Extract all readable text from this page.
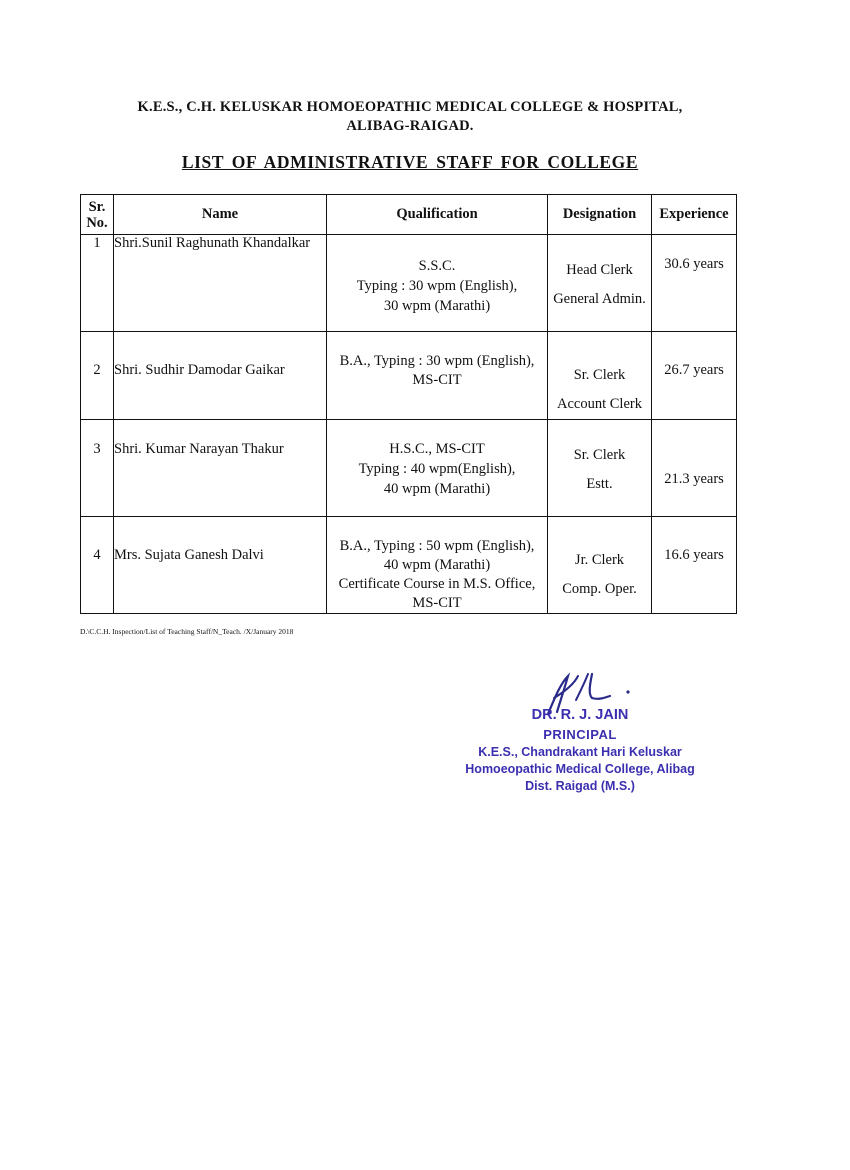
K.E.S., C.H. KELUSKAR HOMOEOPATHIC MEDICAL COLLEGE & HOSPITAL,
ALIBAG-RAIGAD.
LIST OF ADMINISTRATIVE STAFF FOR COLLEGE
Sr.
No.	Name	Qualification	Designation	Experience
1	Shri.Sunil Raghunath Khandalkar	S.S.C.
Typing : 30 wpm (English),
30 wpm (Marathi)	Head Clerk
General Admin.	30.6 years
2	Shri. Sudhir Damodar Gaikar	B.A., Typing : 30 wpm (English),
MS-CIT	Sr. Clerk
Account Clerk	26.7 years
3	Shri. Kumar Narayan Thakur	H.S.C., MS-CIT
Typing : 40 wpm(English),
40 wpm (Marathi)	Sr. Clerk
Estt.	21.3 years
4	Mrs. Sujata Ganesh Dalvi	B.A., Typing : 50 wpm (English),
40 wpm (Marathi)
Certificate Course in M.S. Office,
MS-CIT	Jr. Clerk
Comp. Oper.	16.6 years
D.\C.C.H. Inspection/List of Teaching Staff/N_Teach. /X/January 2018
DR. R. J. JAIN
PRINCIPAL
K.E.S., Chandrakant Hari Keluskar
Homoeopathic Medical College, Alibag
Dist. Raigad (M.S.)
